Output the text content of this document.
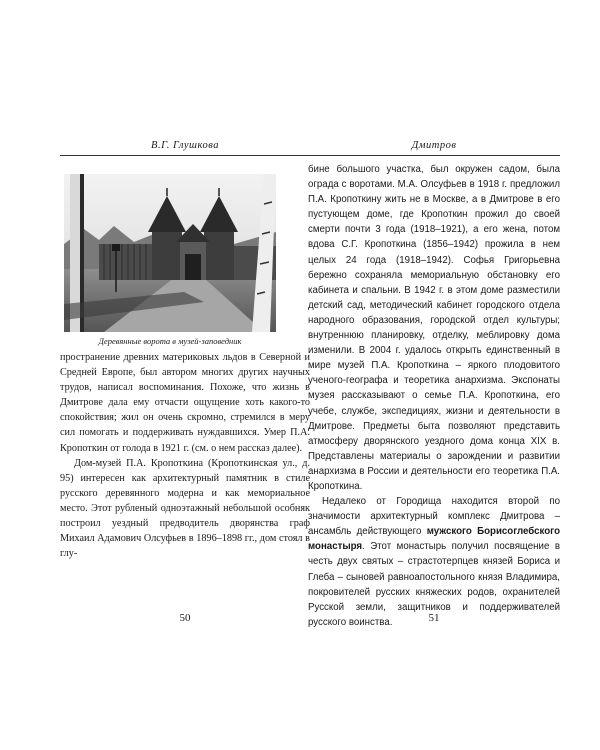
В.Г. Глушкова
Деревянные ворота в музей-заповедник

пространение древних материковых льдов в Северной и Средней Европе, был автором многих других научных трудов, написал воспоминания. Похоже, что жизнь в Дмитрове дала ему отчасти ощущение хоть какого-то спокойствия; жил он очень скромно, стремился в меру сил помогать и поддерживать нуждавшихся. Умер П.А. Кропоткин от голода в 1921 г. (см. о нем рассказ далее).

Дом-музей П.А. Кропоткина (Кропоткинская ул., д. 95) интересен как архитектурный памятник в стиле русского деревянного модерна и как мемориальное место. Этот рубленый одноэтажный небольшой особняк построил уездный предводитель дворянства граф Михаил Адамович Олсуфьев в 1896–1898 гг., дом стоял в глу-

50
Дмитров

бине большого участка, был окружен садом, была ограда с воротами. М.А. Олсуфьев в 1918 г. предложил П.А. Кропоткину жить не в Москве, а в Дмитрове в его пустующем доме, где Кропоткин прожил до своей смерти почти 3 года (1918–1921), а его жена, потом вдова С.Г. Кропоткина (1856–1942) прожила в нем целых 24 года (1918–1942). Софья Григорьевна бережно сохраняла мемориальную обстановку его кабинета и спальни. В 1942 г. в этом доме разместили детский сад, методический кабинет городского отдела народного образования, городской отдел культуры; внутреннюю планировку, отделку, меблировку дома изменили. В 2004 г. удалось открыть единственный в мире музей П.А. Кропоткина – яркого плодовитого ученого-географа и теоретика анархизма. Экспонаты музея рассказывают о семье П.А. Кропоткина, его учебе, службе, экспедициях, жизни и деятельности в Дмитрове. Предметы быта позволяют представить атмосферу дворянского уездного дома конца XIX в. Представлены материалы о зарождении и развитии анархизма в России и деятельности его теоретика П.А. Кропоткина.

Недалеко от Городища находится второй по значимости архитектурный комплекс Дмитрова – ансамбль действующего мужского Борисоглебского монастыря. Этот монастырь получил посвящение в честь двух святых – страстотерпцев князей Бориса и Глеба – сыновей равноапостольного князя Владимира, покровителей русских княжеских родов, охранителей Русской земли, защитников и поддерживателей русского воинства.	51
